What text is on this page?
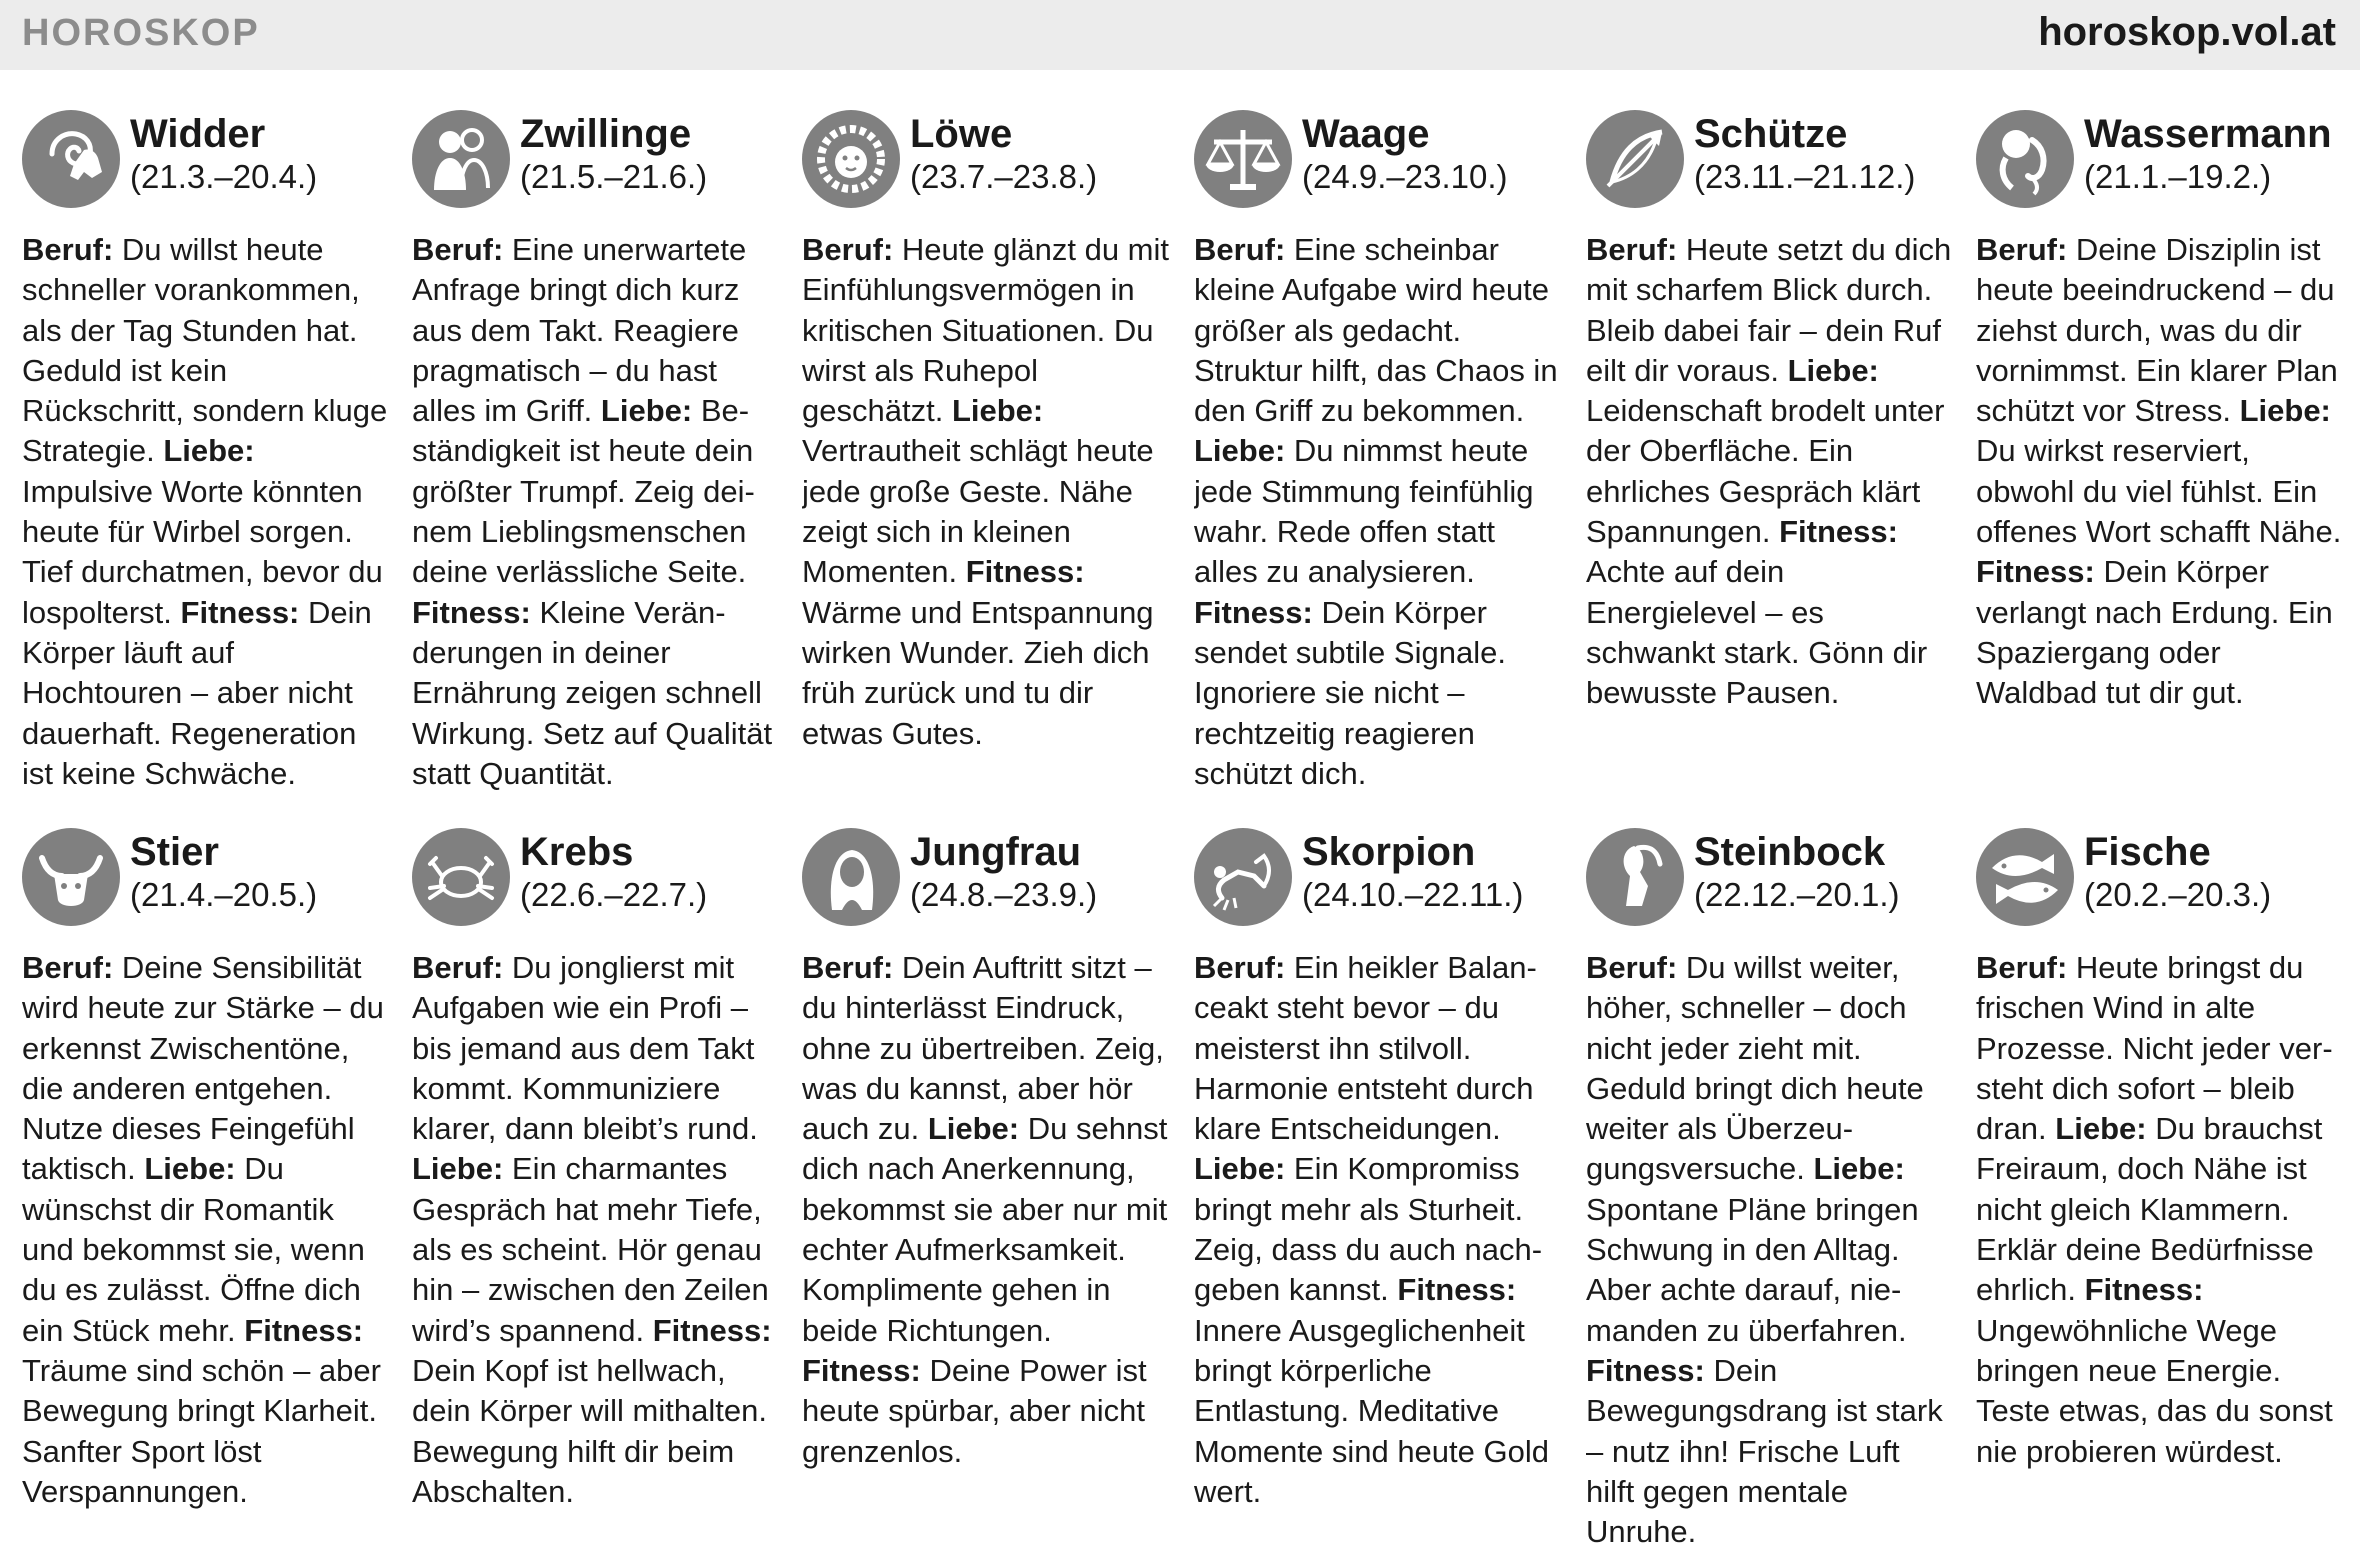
HOROSKOP	horoskop.vol.at
Widder
(21.3.–20.4.)

Beruf: Du willst heute schneller vorankommen, als der Tag Stunden hat. Geduld ist kein Rückschritt, sondern kluge Strategie. Liebe: Impulsive Worte könnten heute für Wirbel sorgen. Tief durchatmen, bevor du lospolterst. Fitness: Dein Körper läuft auf Hochtouren – aber nicht dauerhaft. Regeneration ist keine Schwäche.

Zwillinge
(21.5.–21.6.)

Beruf: Eine unerwartete Anfrage bringt dich kurz aus dem Takt. Reagiere pragmatisch – du hast alles im Griff. Liebe: Beständigkeit ist heute dein größter Trumpf. Zeig deinem Lieblingsmenschen deine verlässliche Seite. Fitness: Kleine Veränderungen in deiner Ernährung zeigen schnell Wirkung. Setz auf Qualität statt Quantität.

Löwe
(23.7.–23.8.)

Beruf: Heute glänzt du mit Einfühlungsvermögen in kritischen Situationen. Du wirst als Ruhepol geschätzt. Liebe: Vertrautheit schlägt heute jede große Geste. Nähe zeigt sich in kleinen Momenten. Fitness: Wärme und Entspannung wirken Wunder. Zieh dich früh zurück und tu dir etwas Gutes.

Waage
(24.9.–23.10.)

Beruf: Eine scheinbar kleine Aufgabe wird heute größer als gedacht. Struktur hilft, das Chaos in den Griff zu bekommen. Liebe: Du nimmst heute jede Stimmung feinfühlig wahr. Rede offen statt alles zu analysieren. Fitness: Dein Körper sendet subtile Signale. Ignoriere sie nicht – rechtzeitig reagieren schützt dich.

Schütze
(23.11.–21.12.)

Beruf: Heute setzt du dich mit scharfem Blick durch. Bleib dabei fair – dein Ruf eilt dir voraus. Liebe: Leidenschaft brodelt unter der Oberfläche. Ein ehrliches Gespräch klärt Spannungen. Fitness: Achte auf dein Energielevel – es schwankt stark. Gönn dir bewusste Pausen.

Wassermann
(21.1.–19.2.)

Beruf: Deine Disziplin ist heute beeindruckend – du ziehst durch, was du dir vornimmst. Ein klarer Plan schützt vor Stress. Liebe: Du wirkst reserviert, obwohl du viel fühlst. Ein offenes Wort schafft Nähe. Fitness: Dein Körper verlangt nach Erdung. Ein Spaziergang oder Waldbad tut dir gut.

Stier
(21.4.–20.5.)

Beruf: Deine Sensibilität wird heute zur Stärke – du erkennst Zwischentöne, die anderen entgehen. Nutze dieses Feingefühl taktisch. Liebe: Du wünschst dir Romantik und bekommst sie, wenn du es zulässt. Öffne dich ein Stück mehr. Fitness: Träume sind schön – aber Bewegung bringt Klarheit. Sanfter Sport löst Verspannungen.

Krebs
(22.6.–22.7.)

Beruf: Du jonglierst mit Aufgaben wie ein Profi – bis jemand aus dem Takt kommt. Kommuniziere klarer, dann bleibt’s rund. Liebe: Ein charmantes Gespräch hat mehr Tiefe, als es scheint. Hör genau hin – zwischen den Zeilen wird’s spannend. Fitness: Dein Kopf ist hellwach, dein Körper will mithalten. Bewegung hilft dir beim Abschalten.

Jungfrau
(24.8.–23.9.)

Beruf: Dein Auftritt sitzt – du hinterlässt Eindruck, ohne zu übertreiben. Zeig, was du kannst, aber hör auch zu. Liebe: Du sehnst dich nach Anerkennung, bekommst sie aber nur mit echter Aufmerksamkeit. Komplimente gehen in beide Richtungen. Fitness: Deine Power ist heute spürbar, aber nicht grenzenlos.

Skorpion
(24.10.–22.11.)

Beruf: Ein heikler Balanceakt steht bevor – du meisterst ihn stilvoll. Harmonie entsteht durch klare Entscheidungen. Liebe: Ein Kompromiss bringt mehr als Sturheit. Zeig, dass du auch nachgeben kannst. Fitness: Innere Ausgeglichenheit bringt körperliche Entlastung. Meditative Momente sind heute Gold wert.

Steinbock
(22.12.–20.1.)

Beruf: Du willst weiter, höher, schneller – doch nicht jeder zieht mit. Geduld bringt dich heute weiter als Überzeugungsversuche. Liebe: Spontane Pläne bringen Schwung in den Alltag. Aber achte darauf, niemanden zu überfahren. Fitness: Dein Bewegungsdrang ist stark – nutz ihn! Frische Luft hilft gegen mentale Unruhe.

Fische
(20.2.–20.3.)

Beruf: Heute bringst du frischen Wind in alte Prozesse. Nicht jeder versteht dich sofort – bleib dran. Liebe: Du brauchst Freiraum, doch Nähe ist nicht gleich Klammern. Erklär deine Bedürfnisse ehrlich. Fitness: Ungewöhnliche Wege bringen neue Energie. Teste etwas, das du sonst nie probieren würdest.
